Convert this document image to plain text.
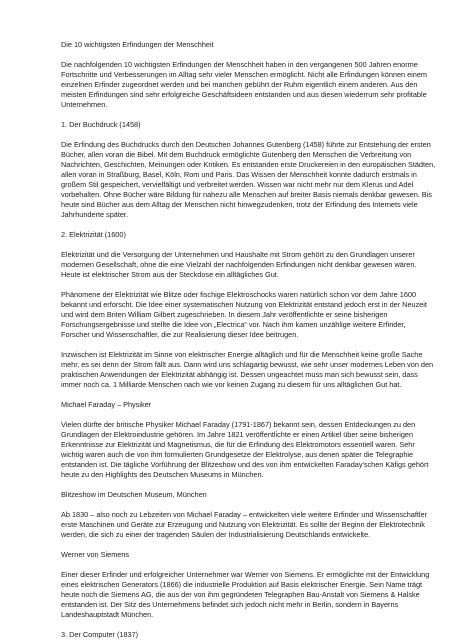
Die 10 wichtigsten Erfindungen der Menschheit

Die nachfolgenden 10 wichtigsten Erfindungen der Menschheit haben in den vergangenen 500 Jahren enorme Fortschritte und Verbesserungen im Alltag sehr vieler Menschen ermöglicht. Nicht alle Erfindungen können einem einzelnen Erfinder zugeordnet werden und bei manchen gebührt der Ruhm eigentlich einem anderen. Aus den meisten Erfindungen sind sehr erfolgreiche Geschäftsideen entstanden und aus diesen wiederrum sehr profitable Unternehmen.

1. Der Buchdruck (1458)

Die Erfindung des Buchdrucks durch den Deutschen Johannes Gutenberg (1458) führte zur Entstehung der ersten Bücher, allen voran die Bibel. Mit dem Buchdruck ermöglichte Gutenberg den Menschen die Verbreitung von Nachrichten, Geschichten, Meinungen oder Kritiken. Es entstanden erste Druckereien in den europäischen Städten, allen voran in Straßburg, Basel, Köln, Rom und Paris. Das Wissen der Menschheit konnte dadurch erstmals in großem Stil gespeichert, vervielfältigt und verbreitet werden. Wissen war nicht mehr nur dem Klerus und Adel vorbehalten. Ohne Bücher wäre Bildung für nahezu alle Menschen auf breiter Basis niemals denkbar gewesen. Bis heute sind Bücher aus dem Alltag der Menschen nicht hinwegzudenken, trotz der Erfindung des Internets viele Jahrhunderte später.

2. Elektrizität (1600)

Elektrizität und die Versorgung der Unternehmen und Haushalte mit Strom gehört zu den Grundlagen unserer modernen Gesellschaft, ohne die eine Vielzahl der nachfolgenden Erfindungen nicht denkbar gewesen wären. Heute ist elektrischer Strom aus der Steckdose ein alltägliches Gut.

Phänomene der Elektrizität wie Blitze oder fischige Elektroschocks waren natürlich schon vor dem Jahre 1600 bekannt und erforscht. Die Idee einer systematischen Nutzung von Elektrizität entstand jedoch erst in der Neuzeit und wird dem Briten William Gilbert zugeschrieben. In diesem Jahr veröffentlichte er seine bisherigen Forschungsergebnisse und stellte die Idee von „Electrica“ vor. Nach ihm kamen unzählige weitere Erfinder, Forscher und Wissenschaftler, die zur Realisierung dieser Idee beitrugen.

Inzwischen ist Elektrizität im Sinne von elektrischer Energie alltäglich und für die Menschheit keine große Sache mehr, es sei denn der Strom fällt aus. Dann wird uns schlagartig bewusst, wie sehr unser modernes Leben von den praktischen Anwendungen der Elektrizität abhängig ist. Dessen ungeachtet muss man sich bewusst sein, dass immer noch ca. 1 Milliarde Menschen nach wie vor keinen Zugang zu diesem für uns alltäglichen Gut hat.

Michael Faraday – Physiker

Vielen dürfte der britische Physiker Michael Faraday (1791-1867) bekannt sein, dessen Entdeckungen zu den Grundlagen der Elektroindustrie gehören. Im Jahre 1821 veröffentlichte er einen Artikel über seine bisherigen Erkenntnisse zur Elektrizität und Magnetismus, die für die Erfindung des Elektromotors essentiell waren. Sehr wichtig waren auch die von ihm formulierten Grundgesetze der Elektrolyse, aus denen später die Telegraphie entstanden ist. Die tägliche Vorführung der Blitzeshow und des von ihm entwickelten Faraday'schen Käfigs gehört heute zu den Highlights des Deutschen Museums in München.

Blitzeshow im Deutschen Museum, München

Ab 1830 – also noch zu Lebzeiten von Michael Faraday – entwickelten viele weitere Erfinder und Wissenschaftler erste Maschinen und Geräte zur Erzeugung und Nutzung von Elektrizität. Es sollte der Beginn der Elektrotechnik werden, die sich zu einer der tragenden Säulen der Industrialisierung Deutschlands entwickelte.

Werner von Siemens

Einer dieser Erfinder und erfolgreicher Unternehmer war Werner von Siemens. Er ermöglichte mit der Entwicklung eines elektrischen Generators (1866) die industrielle Produktion auf Basis elektrischer Energie. Sein Name trägt heute noch die Siemens AG, die aus der von ihm gegründeten Telegraphen Bau-Anstalt von Siemens & Halske entstanden ist. Der Sitz des Unternehmens befindet sich jedoch nicht mehr in Berlin, sondern in Bayerns Landeshauptstadt München.

3. Der Computer (1837)
